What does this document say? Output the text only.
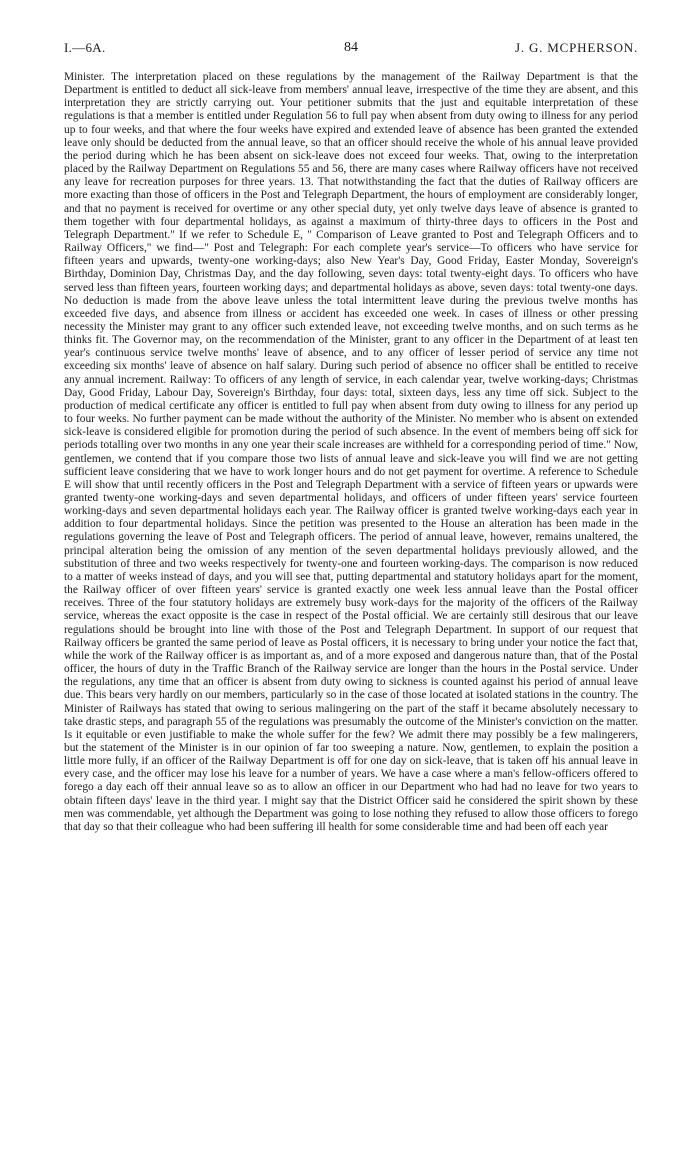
I.—6A.	84	J. G. MCPHERSON.

Minister. The interpretation placed on these regulations by the management of the Railway Department is that the Department is entitled to deduct all sick-leave from members' annual leave, irrespective of the time they are absent, and this interpretation they are strictly carrying out. Your petitioner submits that the just and equitable interpretation of these regulations is that a member is entitled under Regulation 56 to full pay when absent from duty owing to illness for any period up to four weeks, and that where the four weeks have expired and extended leave of absence has been granted the extended leave only should be deducted from the annual leave, so that an officer should receive the whole of his annual leave provided the period during which he has been absent on sick-leave does not exceed four weeks. That, owing to the interpretation placed by the Railway Department on Regulations 55 and 56, there are many cases where Railway officers have not received any leave for recreation purposes for three years. 13. That notwithstanding the fact that the duties of Railway officers are more exacting than those of officers in the Post and Telegraph Department, the hours of employment are considerably longer, and that no payment is received for overtime or any other special duty, yet only twelve days leave of absence is granted to them together with four departmental holidays, as against a maximum of thirty-three days to officers in the Post and Telegraph Department." If we refer to Schedule E, " Comparison of Leave granted to Post and Telegraph Officers and to Railway Officers," we find—" Post and Telegraph: For each complete year's service—To officers who have service for fifteen years and upwards, twenty-one working-days; also New Year's Day, Good Friday, Easter Monday, Sovereign's Birthday, Dominion Day, Christmas Day, and the day following, seven days: total twenty-eight days. To officers who have served less than fifteen years, fourteen working days; and departmental holidays as above, seven days: total twenty-one days. No deduction is made from the above leave unless the total intermittent leave during the previous twelve months has exceeded five days, and absence from illness or accident has exceeded one week. In cases of illness or other pressing necessity the Minister may grant to any officer such extended leave, not exceeding twelve months, and on such terms as he thinks fit. The Governor may, on the recommendation of the Minister, grant to any officer in the Department of at least ten year's continuous service twelve months' leave of absence, and to any officer of lesser period of service any time not exceeding six months' leave of absence on half salary. During such period of absence no officer shall be entitled to receive any annual increment. Railway: To officers of any length of service, in each calendar year, twelve working-days; Christmas Day, Good Friday, Labour Day, Sovereign's Birthday, four days: total, sixteen days, less any time off sick. Subject to the production of medical certificate any officer is entitled to full pay when absent from duty owing to illness for any period up to four weeks. No further payment can be made without the authority of the Minister. No member who is absent on extended sick-leave is considered eligible for promotion during the period of such absence. In the event of members being off sick for periods totalling over two months in any one year their scale increases are withheld for a corresponding period of time." Now, gentlemen, we contend that if you compare those two lists of annual leave and sick-leave you will find we are not getting sufficient leave considering that we have to work longer hours and do not get payment for overtime. A reference to Schedule E will show that until recently officers in the Post and Telegraph Department with a service of fifteen years or upwards were granted twenty-one working-days and seven departmental holidays, and officers of under fifteen years' service fourteen working-days and seven departmental holidays each year. The Railway officer is granted twelve working-days each year in addition to four departmental holidays. Since the petition was presented to the House an alteration has been made in the regulations governing the leave of Post and Telegraph officers. The period of annual leave, however, remains unaltered, the principal alteration being the omission of any mention of the seven departmental holidays previously allowed, and the substitution of three and two weeks respectively for twenty-one and fourteen working-days. The comparison is now reduced to a matter of weeks instead of days, and you will see that, putting departmental and statutory holidays apart for the moment, the Railway officer of over fifteen years' service is granted exactly one week less annual leave than the Postal officer receives. Three of the four statutory holidays are extremely busy work-days for the majority of the officers of the Railway service, whereas the exact opposite is the case in respect of the Postal official. We are certainly still desirous that our leave regulations should be brought into line with those of the Post and Telegraph Department. In support of our request that Railway officers be granted the same period of leave as Postal officers, it is necessary to bring under your notice the fact that, while the work of the Railway officer is as important as, and of a more exposed and dangerous nature than, that of the Postal officer, the hours of duty in the Traffic Branch of the Railway service are longer than the hours in the Postal service. Under the regulations, any time that an officer is absent from duty owing to sickness is counted against his period of annual leave due. This bears very hardly on our members, particularly so in the case of those located at isolated stations in the country. The Minister of Railways has stated that owing to serious malingering on the part of the staff it became absolutely necessary to take drastic steps, and paragraph 55 of the regulations was presumably the outcome of the Minister's conviction on the matter. Is it equitable or even justifiable to make the whole suffer for the few? We admit there may possibly be a few malingerers, but the statement of the Minister is in our opinion of far too sweeping a nature. Now, gentlemen, to explain the position a little more fully, if an officer of the Railway Department is off for one day on sick-leave, that is taken off his annual leave in every case, and the officer may lose his leave for a number of years. We have a case where a man's fellow-officers offered to forego a day each off their annual leave so as to allow an officer in our Department who had had no leave for two years to obtain fifteen days' leave in the third year. I might say that the District Officer said he considered the spirit shown by these men was commendable, yet although the Department was going to lose nothing they refused to allow those officers to forego that day so that their colleague who had been suffering ill health for some considerable time and had been off each year
